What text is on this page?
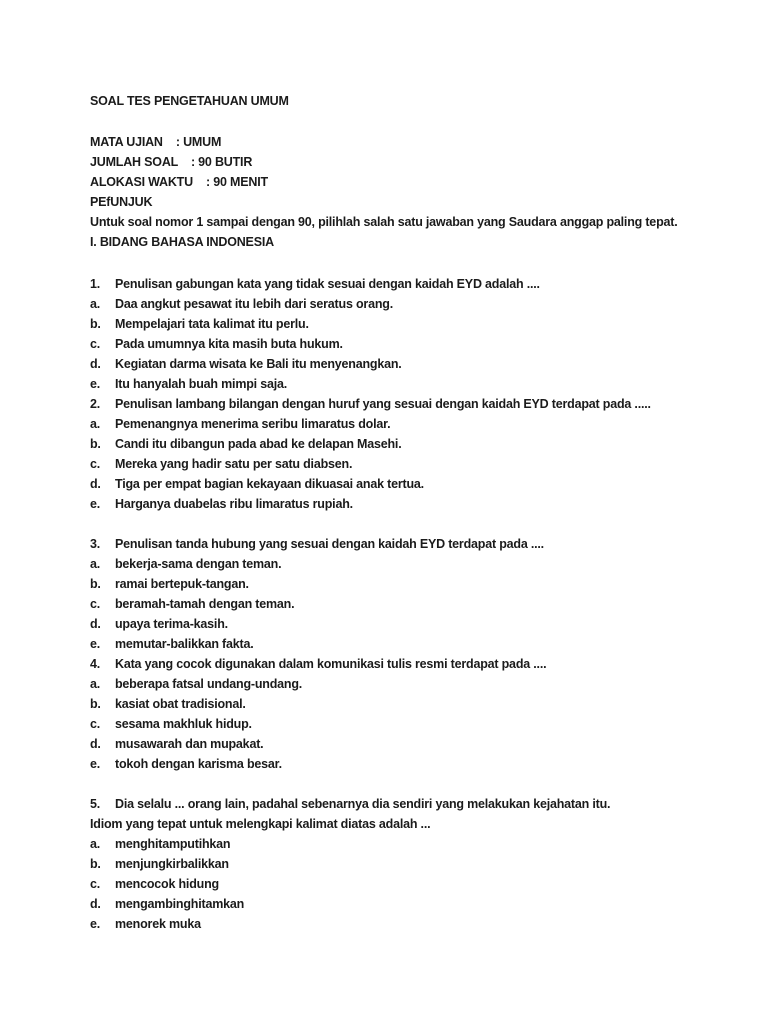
SOAL TES PENGETAHUAN UMUM
MATA UJIAN    : UMUM
JUMLAH SOAL    : 90 BUTIR
ALOKASI WAKTU    : 90 MENIT
PEfUNJUK
Untuk soal nomor 1 sampai dengan 90, pilihlah salah satu jawaban yang Saudara anggap paling tepat.
I. BIDANG BAHASA INDONESIA
1.	Penulisan gabungan kata yang tidak sesuai dengan kaidah EYD adalah ....
a.	Daa angkut pesawat itu lebih dari seratus orang.
b.	Mempelajari tata kalimat itu perlu.
c.	Pada umumnya kita masih buta hukum.
d.	Kegiatan darma wisata ke Bali itu menyenangkan.
e.	Itu hanyalah buah mimpi saja.
2.	Penulisan lambang bilangan dengan huruf yang sesuai dengan kaidah EYD terdapat pada .....
a.	Pemenangnya menerima seribu limaratus dolar.
b.	Candi itu dibangun pada abad ke delapan Masehi.
c.	Mereka yang hadir satu per satu diabsen.
d.	Tiga per empat bagian kekayaan dikuasai anak tertua.
e.	Harganya duabelas ribu limaratus rupiah.
3.	Penulisan tanda hubung yang sesuai dengan kaidah EYD terdapat pada ....
a.	bekerja-sama dengan teman.
b.	ramai bertepuk-tangan.
c.	beramah-tamah dengan teman.
d.	upaya terima-kasih.
e.	memutar-balikkan fakta.
4.	Kata yang cocok digunakan dalam komunikasi tulis resmi terdapat pada ....
a.	beberapa fatsal undang-undang.
b.	kasiat obat tradisional.
c.	sesama makhluk hidup.
d.	musawarah dan mupakat.
e.	tokoh dengan karisma besar.
5.	Dia selalu ... orang lain, padahal sebenarnya dia sendiri yang melakukan kejahatan itu.
Idiom yang tepat untuk melengkapi kalimat diatas adalah ...
a.	menghitamputihkan
b.	menjungkirbalikkan
c.	mencocok hidung
d.	mengambinghitamkan
e.	menorek muka
